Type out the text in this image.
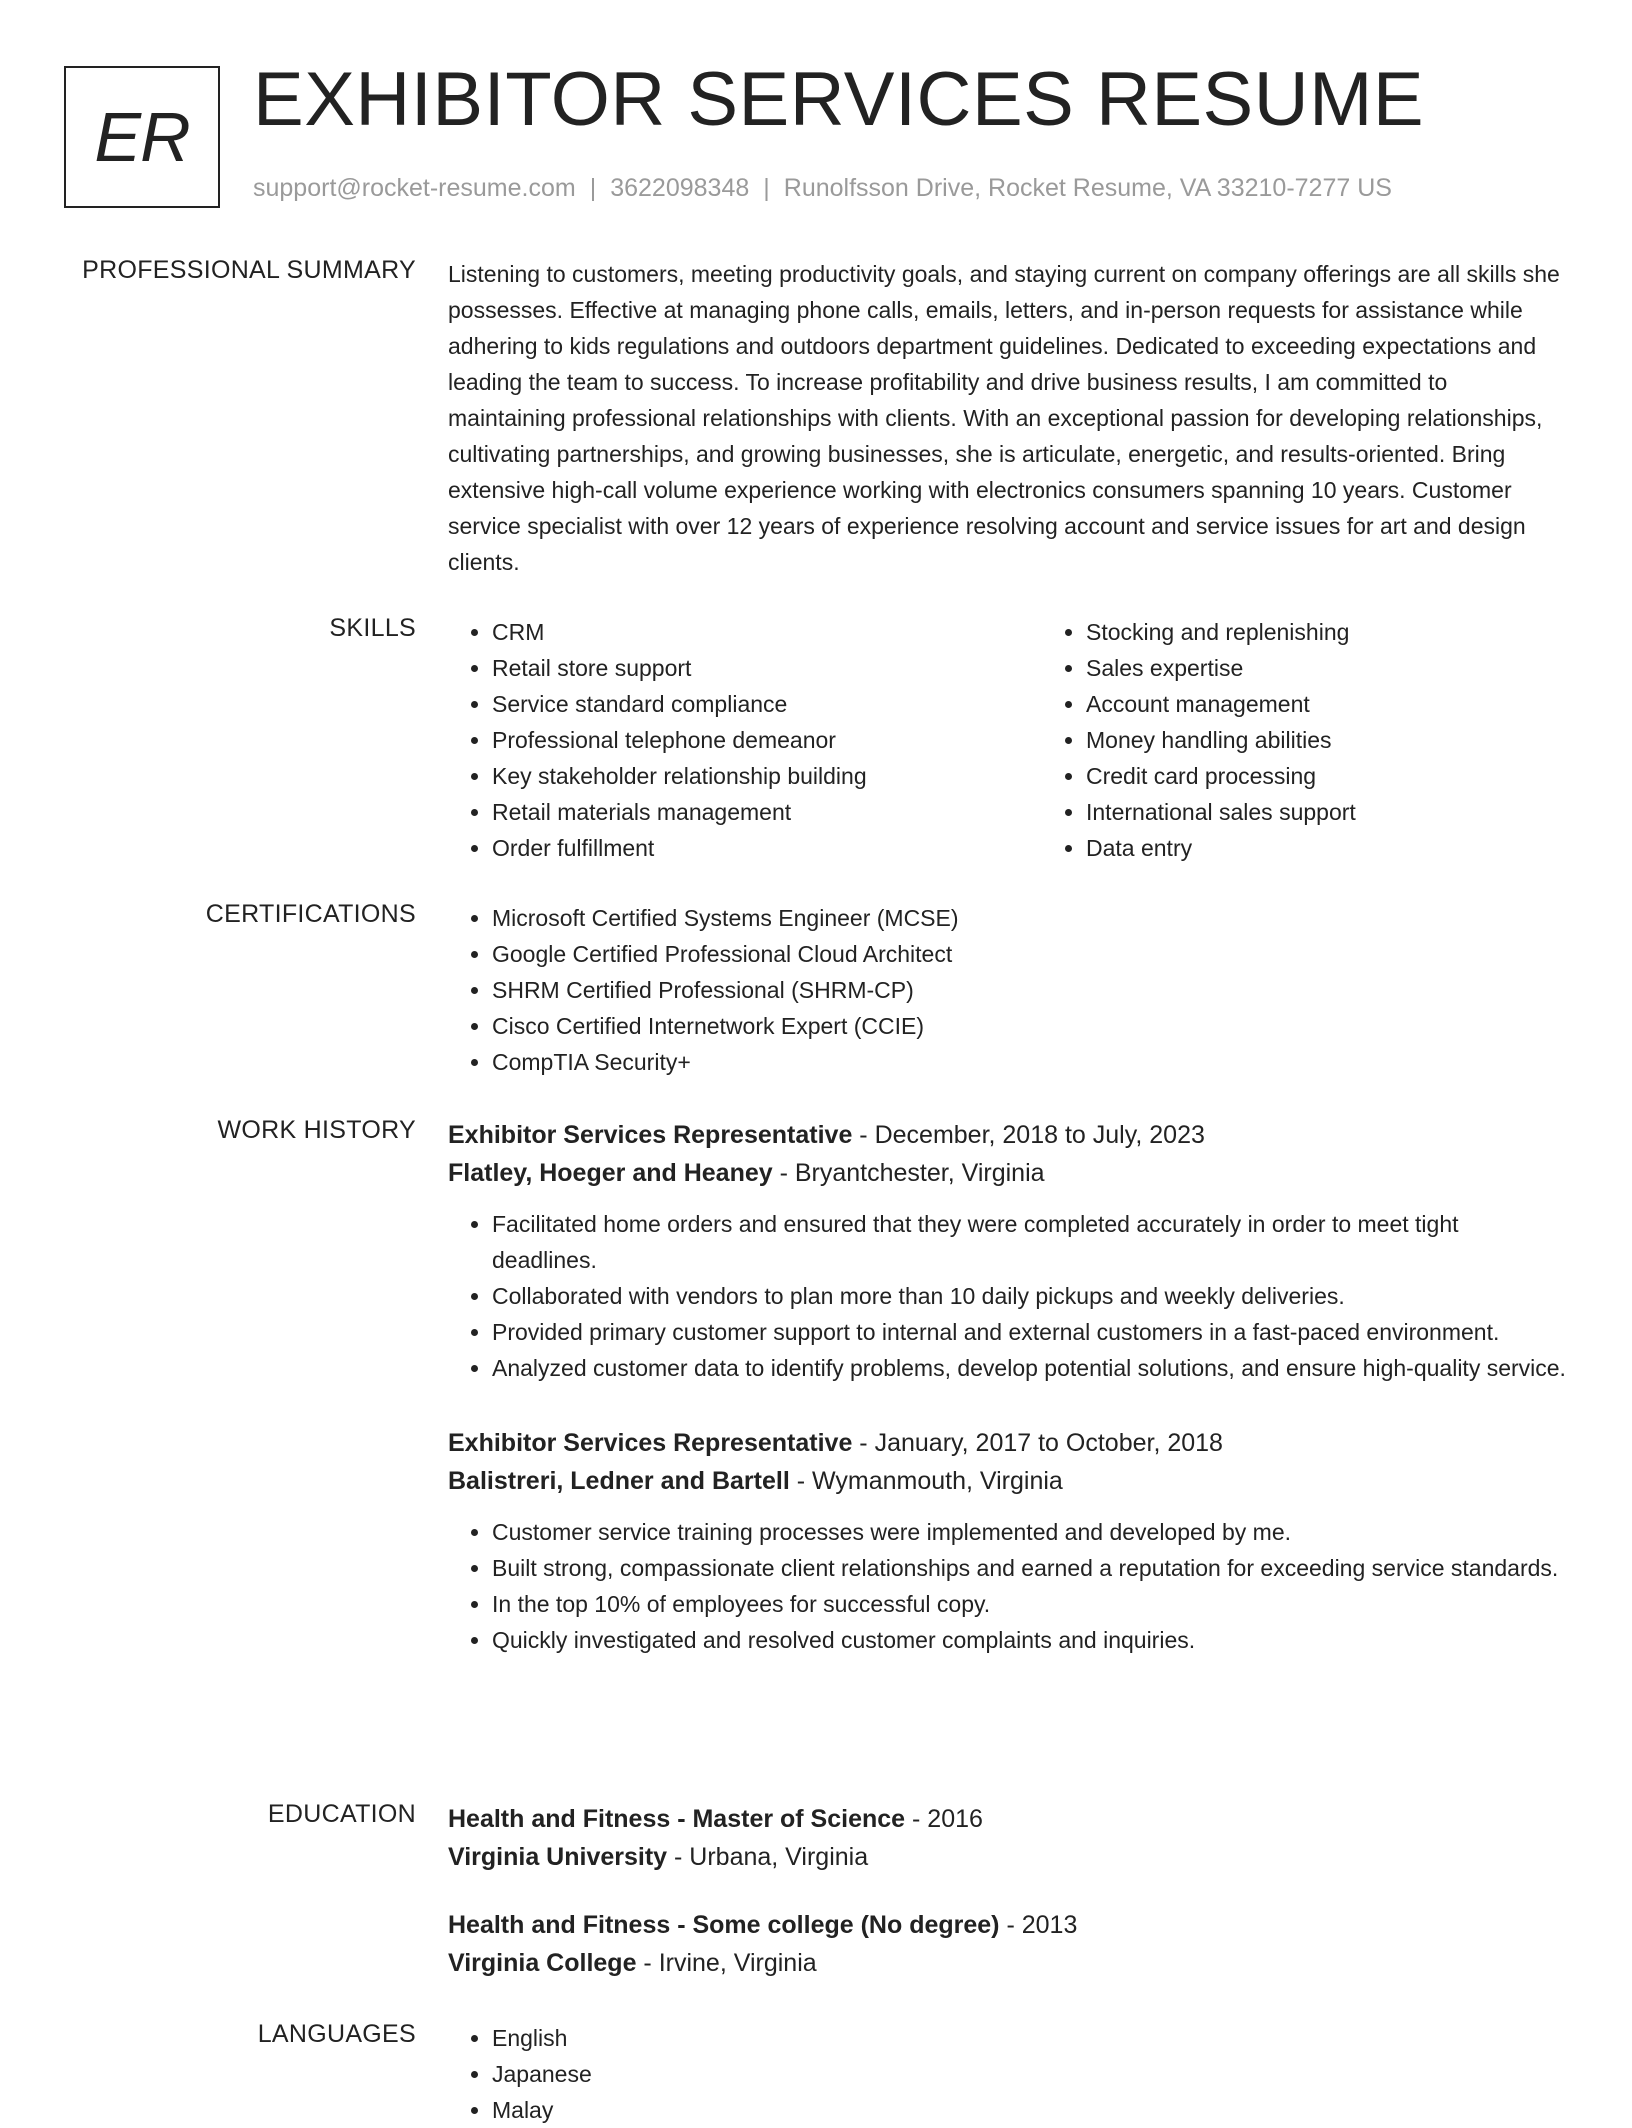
ER EXHIBITOR SERVICES RESUME
support@rocket-resume.com | 3622098348 | Runolfsson Drive, Rocket Resume, VA 33210-7277 US
PROFESSIONAL SUMMARY Listening to customers, meeting productivity goals, and staying current on company offerings are all skills she possesses. Effective at managing phone calls, emails, letters, and in-person requests for assistance while adhering to kids regulations and outdoors department guidelines. Dedicated to exceeding expectations and leading the team to success. To increase profitability and drive business results, I am committed to maintaining professional relationships with clients. With an exceptional passion for developing relationships, cultivating partnerships, and growing businesses, she is articulate, energetic, and results-oriented. Bring extensive high-call volume experience working with electronics consumers spanning 10 years. Customer service specialist with over 12 years of experience resolving account and service issues for art and design clients.

SKILLS	• CRM
• Retail store support
• Service standard compliance
• Professional telephone demeanor
• Key stakeholder relationship building
• Retail materials management
• Order fulfillment
• Stocking and replenishing
• Sales expertise
• Account management
• Money handling abilities
• Credit card processing
• International sales support
• Data entry
CERTIFICATIONS	• Microsoft Certified Systems Engineer (MCSE)
• Google Certified Professional Cloud Architect
• SHRM Certified Professional (SHRM-CP)
• Cisco Certified Internetwork Expert (CCIE)
• CompTIA Security+
WORK HISTORY Exhibitor Services Representative - December, 2018 to July, 2023
Flatley, Hoeger and Heaney - Bryantchester, Virginia
• Facilitated home orders and ensured that they were completed accurately in order to meet tight deadlines.
• Collaborated with vendors to plan more than 10 daily pickups and weekly deliveries.
• Provided primary customer support to internal and external customers in a fast-paced environment.
• Analyzed customer data to identify problems, develop potential solutions, and ensure high-quality service.
Exhibitor Services Representative - January, 2017 to October, 2018
Balistreri, Ledner and Bartell - Wymanmouth, Virginia
• Customer service training processes were implemented and developed by me.
• Built strong, compassionate client relationships and earned a reputation for exceeding service standards.
• In the top 10% of employees for successful copy.
• Quickly investigated and resolved customer complaints and inquiries.
EDUCATION Health and Fitness - Master of Science - 2016
Virginia University - Urbana, Virginia
Health and Fitness - Some college (No degree) - 2013
Virginia College - Irvine, Virginia
LANGUAGES	• English
• Japanese
• Malay
